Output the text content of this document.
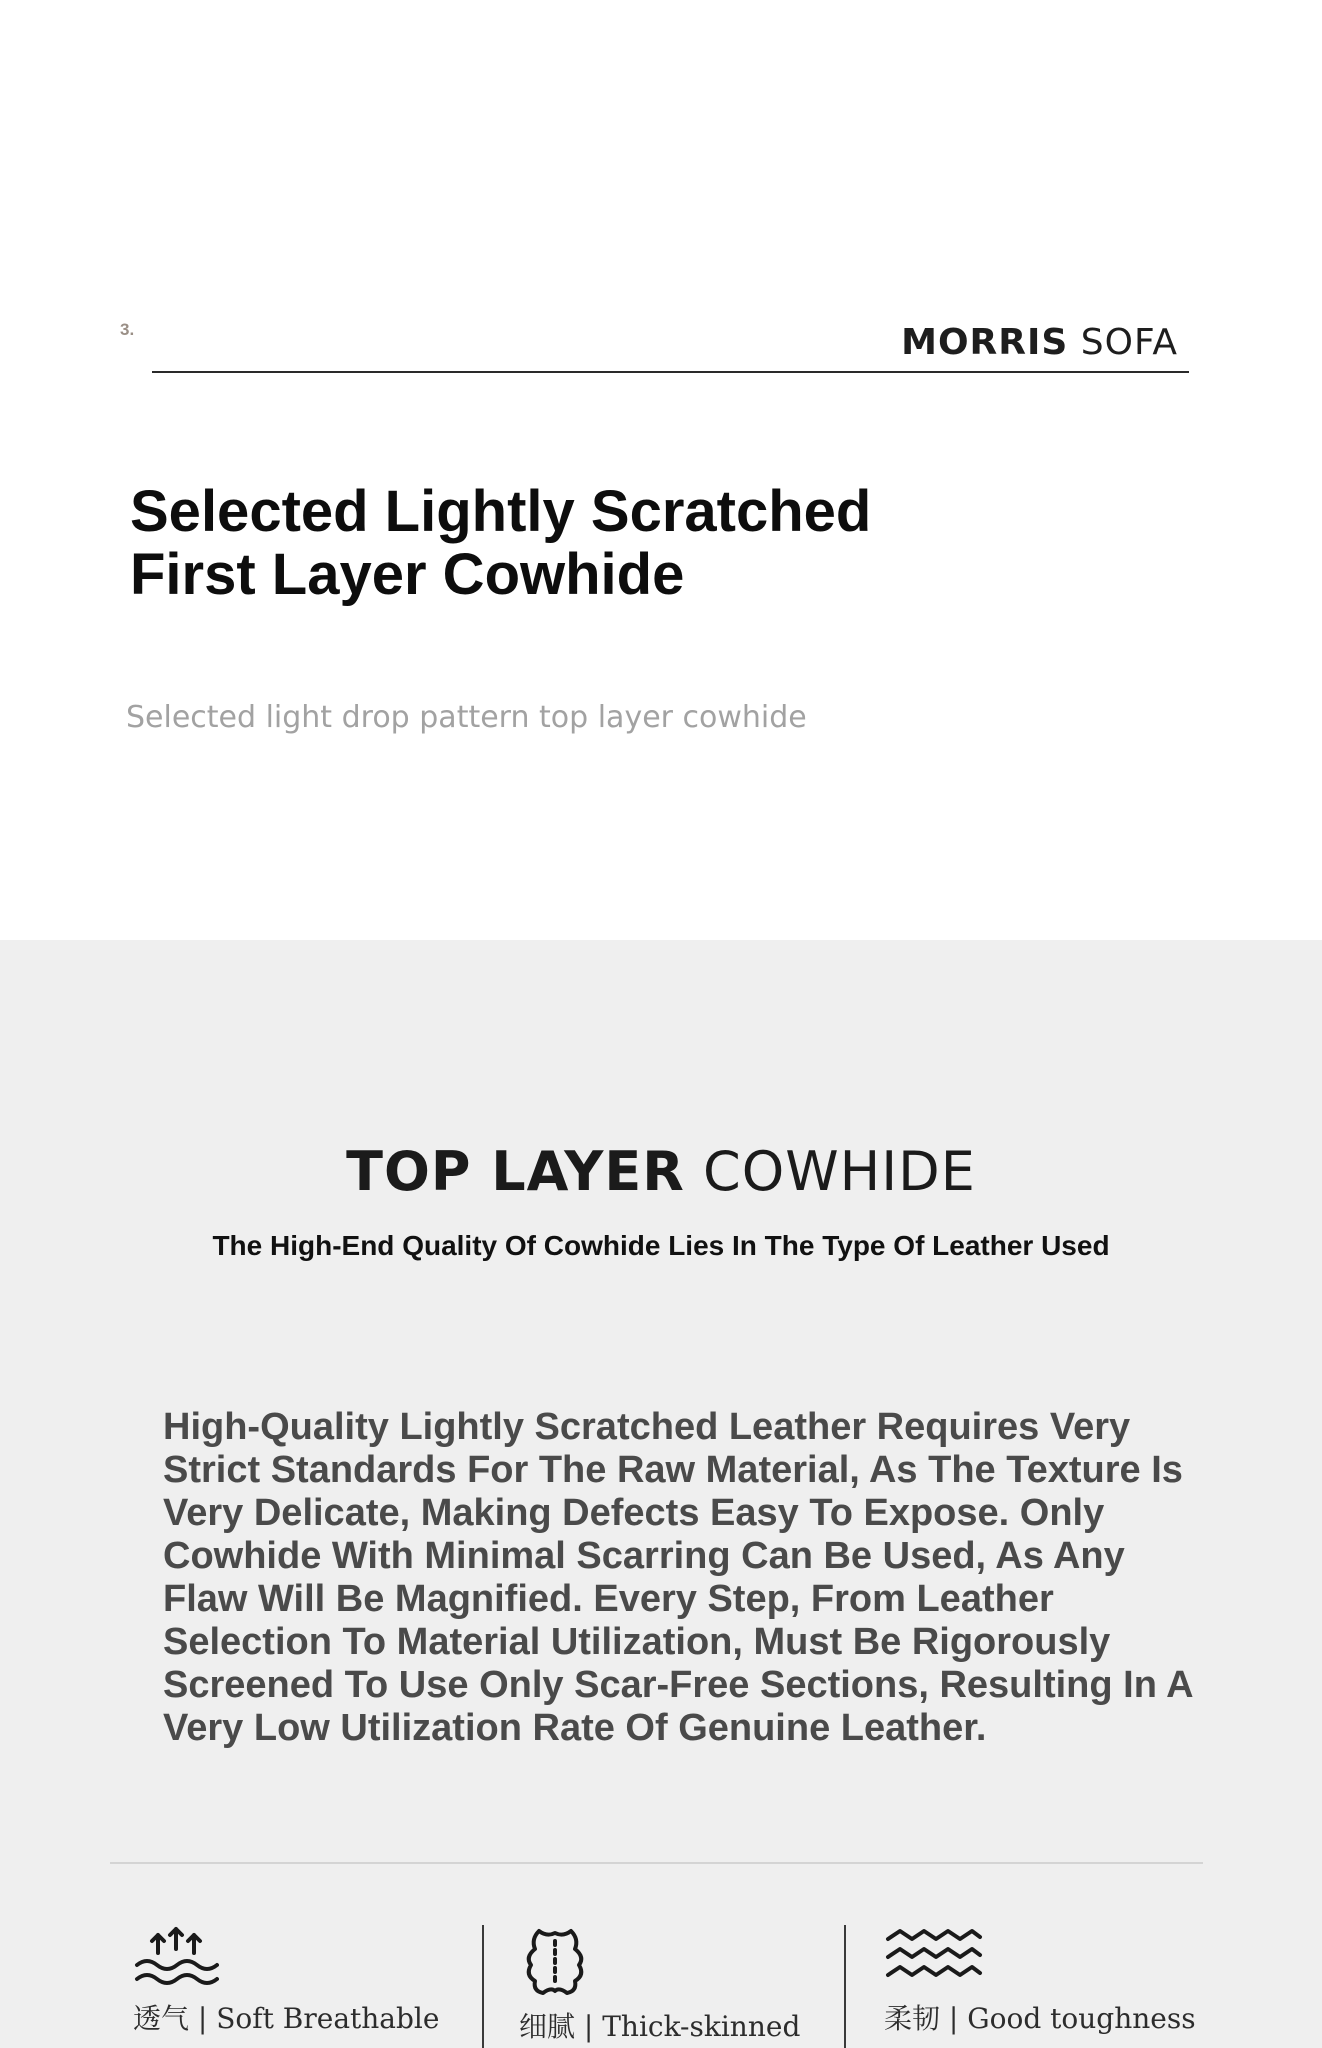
3.	MORRIS SOFA
Selected Lightly Scratched First Layer Cowhide
Selected light drop pattern top layer cowhide
TOP LAYER COWHIDE
The High-End Quality Of Cowhide Lies In The Type Of Leather Used

High-Quality Lightly Scratched Leather Requires Very Strict Standards For The Raw Material, As The Texture Is Very Delicate, Making Defects Easy To Expose. Only Cowhide With Minimal Scarring Can Be Used, As Any Flaw Will Be Magnified. Every Step, From Leather Selection To Material Utilization, Must Be Rigorously Screened To Use Only Scar-Free Sections, Resulting In A Very Low Utilization Rate Of Genuine Leather.

透气 | Soft Breathable	细腻 | Thick-skinned	柔韧 | Good toughness
